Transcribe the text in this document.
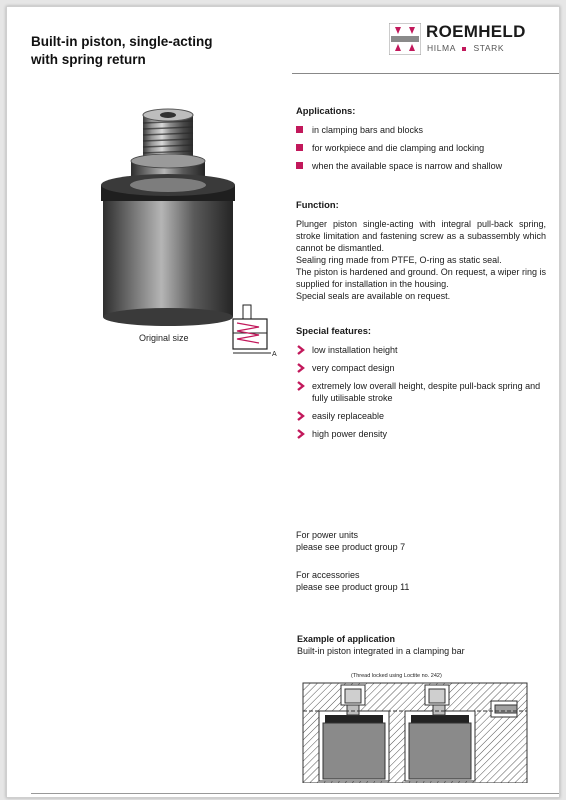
Built-in piston, single-acting
with spring return
ROEMHELD
HILMA STARK
Original size
A
Applications:
in clamping bars and blocks
for workpiece and die clamping and locking
when the available space is narrow and shallow
Function:
Plunger piston single-acting with integral pull-back spring, stroke limitation and fastening screw as a subassembly which cannot be dismantled.
Sealing ring made from PTFE, O-ring as static seal.
The piston is hardened and ground. On request, a wiper ring is supplied for installation in the housing.
Special seals are available on request.
Special features:
low installation height
very compact design
extremely low overall height, despite pull-back spring and fully utilisable stroke
easily replaceable
high power density
For power units
please see product group 7
For accessories
please see product group 11
Example of application
Built-in piston integrated in a clamping bar
(Thread locked using Loctite no. 242)
